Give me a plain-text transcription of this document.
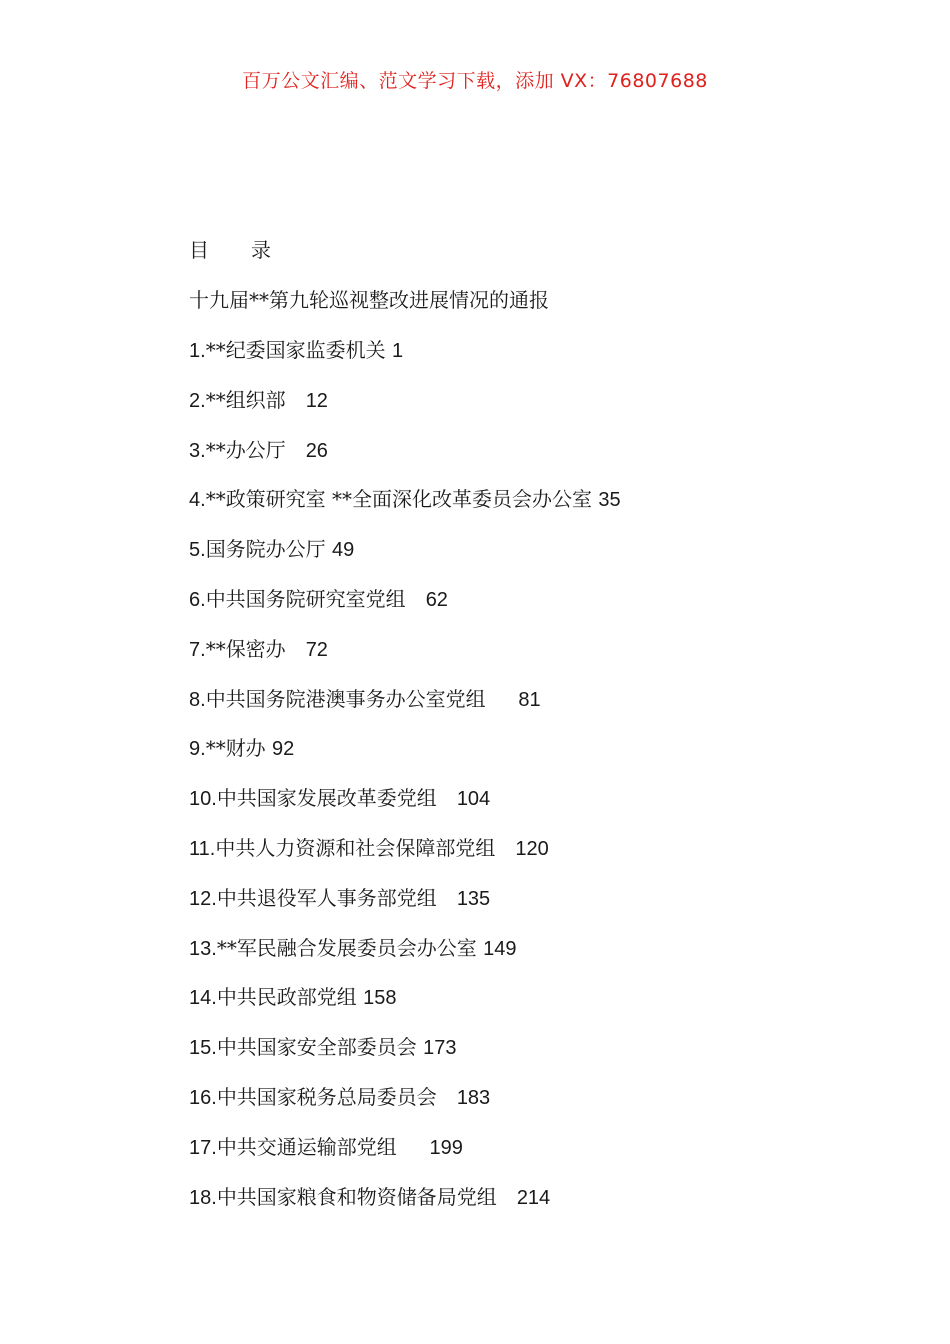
百万公文汇编、范文学习下载，添加 VX：76807688
目 录
十九届**第九轮巡视整改进展情况的通报
1.**纪委国家监委机关 1
2.**组织部　12
3.**办公厅　26
4.**政策研究室 **全面深化改革委员会办公室 35
5.国务院办公厅 49
6.中共国务院研究室党组　62
7.**保密办　72
8.中共国务院港澳事务办公室党组　  81
9.**财办 92
10.中共国家发展改革委党组　104
11.中共人力资源和社会保障部党组　120
12.中共退役军人事务部党组　135
13.**军民融合发展委员会办公室 149
14.中共民政部党组 158
15.中共国家安全部委员会 173
16.中共国家税务总局委员会　183
17.中共交通运输部党组　  199
18.中共国家粮食和物资储备局党组　214
